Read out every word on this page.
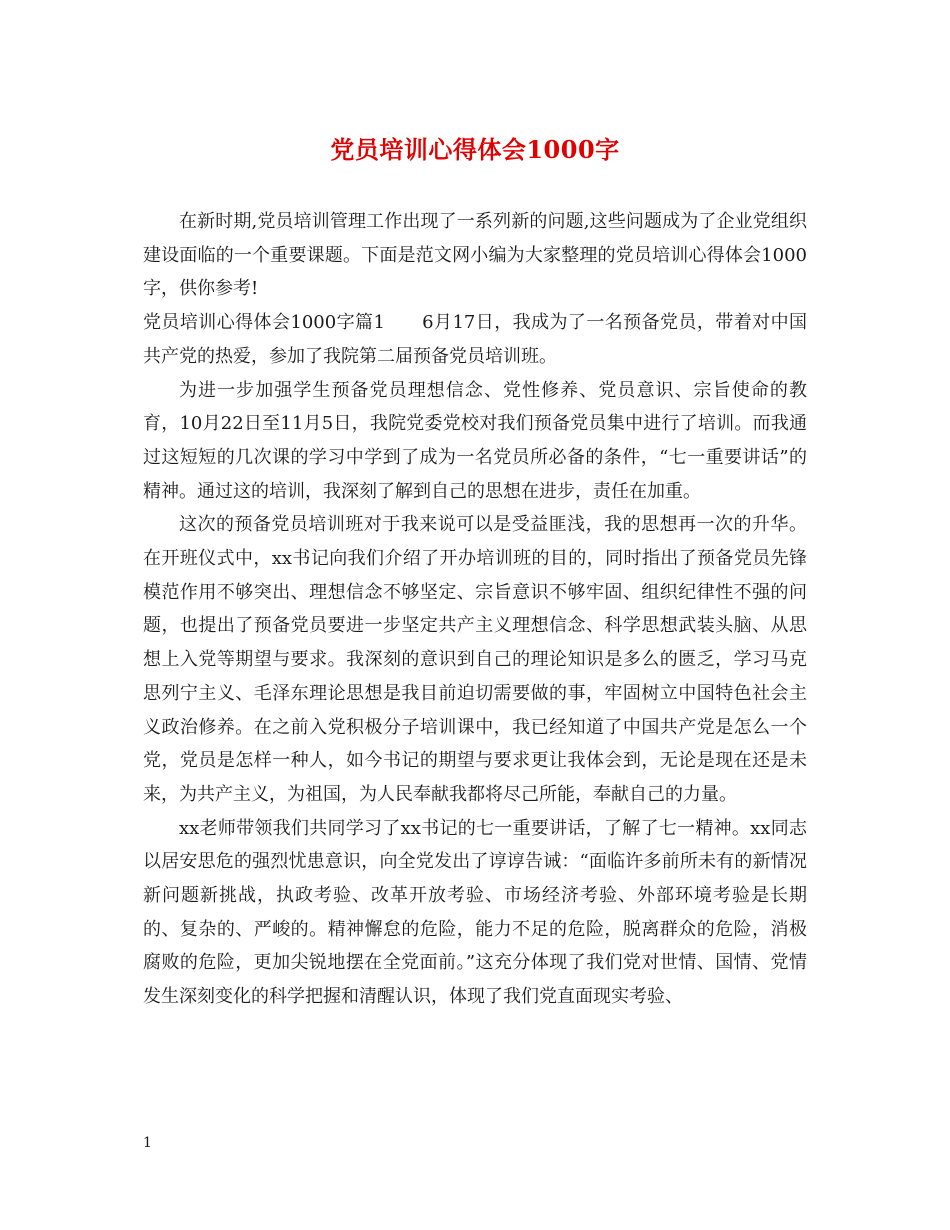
党员培训心得体会1000字

在新时期,党员培训管理工作出现了一系列新的问题,这些问题成为了企业党组织建设面临的一个重要课题。下面是范文网小编为大家整理的党员培训心得体会1000字，供你参考!

党员培训心得体会1000字篇1　　6月17日，我成为了一名预备党员，带着对中国共产党的热爱，参加了我院第二届预备党员培训班。

为进一步加强学生预备党员理想信念、党性修养、党员意识、宗旨使命的教育，10月22日至11月5日，我院党委党校对我们预备党员集中进行了培训。而我通过这短短的几次课的学习中学到了成为一名党员所必备的条件，“七一重要讲话”的精神。通过这的培训，我深刻了解到自己的思想在进步，责任在加重。

这次的预备党员培训班对于我来说可以是受益匪浅，我的思想再一次的升华。在开班仪式中，xx书记向我们介绍了开办培训班的目的，同时指出了预备党员先锋模范作用不够突出、理想信念不够坚定、宗旨意识不够牢固、组织纪律性不强的问题，也提出了预备党员要进一步坚定共产主义理想信念、科学思想武装头脑、从思想上入党等期望与要求。我深刻的意识到自己的理论知识是多么的匮乏，学习马克思列宁主义、毛泽东理论思想是我目前迫切需要做的事，牢固树立中国特色社会主义政治修养。在之前入党积极分子培训课中，我已经知道了中国共产党是怎么一个党，党员是怎样一种人，如今书记的期望与要求更让我体会到，无论是现在还是未来，为共产主义，为祖国，为人民奉献我都将尽己所能，奉献自己的力量。

xx老师带领我们共同学习了xx书记的七一重要讲话，了解了七一精神。xx同志以居安思危的强烈忧患意识，向全党发出了谆谆告诫：“面临许多前所未有的新情况新问题新挑战，执政考验、改革开放考验、市场经济考验、外部环境考验是长期的、复杂的、严峻的。精神懈怠的危险，能力不足的危险，脱离群众的危险，消极腐败的危险，更加尖锐地摆在全党面前。”这充分体现了我们党对世情、国情、党情发生深刻变化的科学把握和清醒认识，体现了我们党直面现实考验、

1
